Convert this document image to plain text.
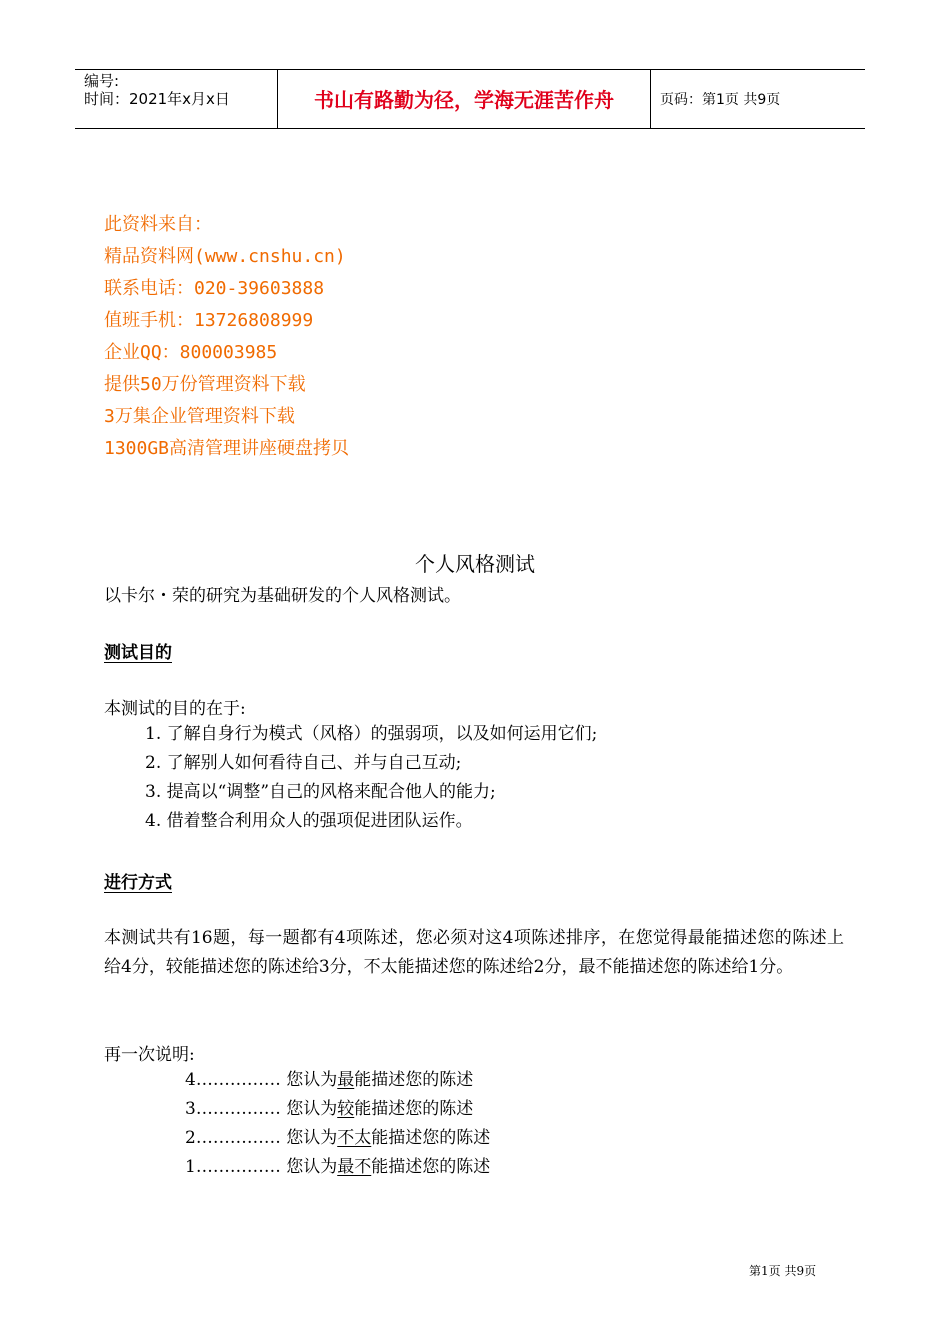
编号:
时间：2021年x月x日	书山有路勤为径，学海无涯苦作舟	页码：第1页 共9页
此资料来自：
精品资料网(www.cnshu.cn)
联系电话：020-39603888
值班手机：13726808999
企业QQ：800003985
提供50万份管理资料下载
3万集企业管理资料下载
1300GB高清管理讲座硬盘拷贝
个人风格测试
以卡尔・荣的研究为基础研发的个人风格测试。
测试目的
本测试的目的在于:
1. 了解自身行为模式（风格）的强弱项，以及如何运用它们;
2. 了解别人如何看待自己、并与自己互动;
3. 提高以“调整”自己的风格来配合他人的能力;
4. 借着整合利用众人的强项促进团队运作。
进行方式
本测试共有16题，每一题都有4项陈述，您必须对这4项陈述排序，在您觉得最能描述您的陈述上给4分，较能描述您的陈述给3分，不太能描述您的陈述给2分，最不能描述您的陈述给1分。
再一次说明:
4…………… 您认为最能描述您的陈述
3…………… 您认为较能描述您的陈述
2…………… 您认为不太能描述您的陈述
1…………… 您认为最不能描述您的陈述
第1页 共9页
